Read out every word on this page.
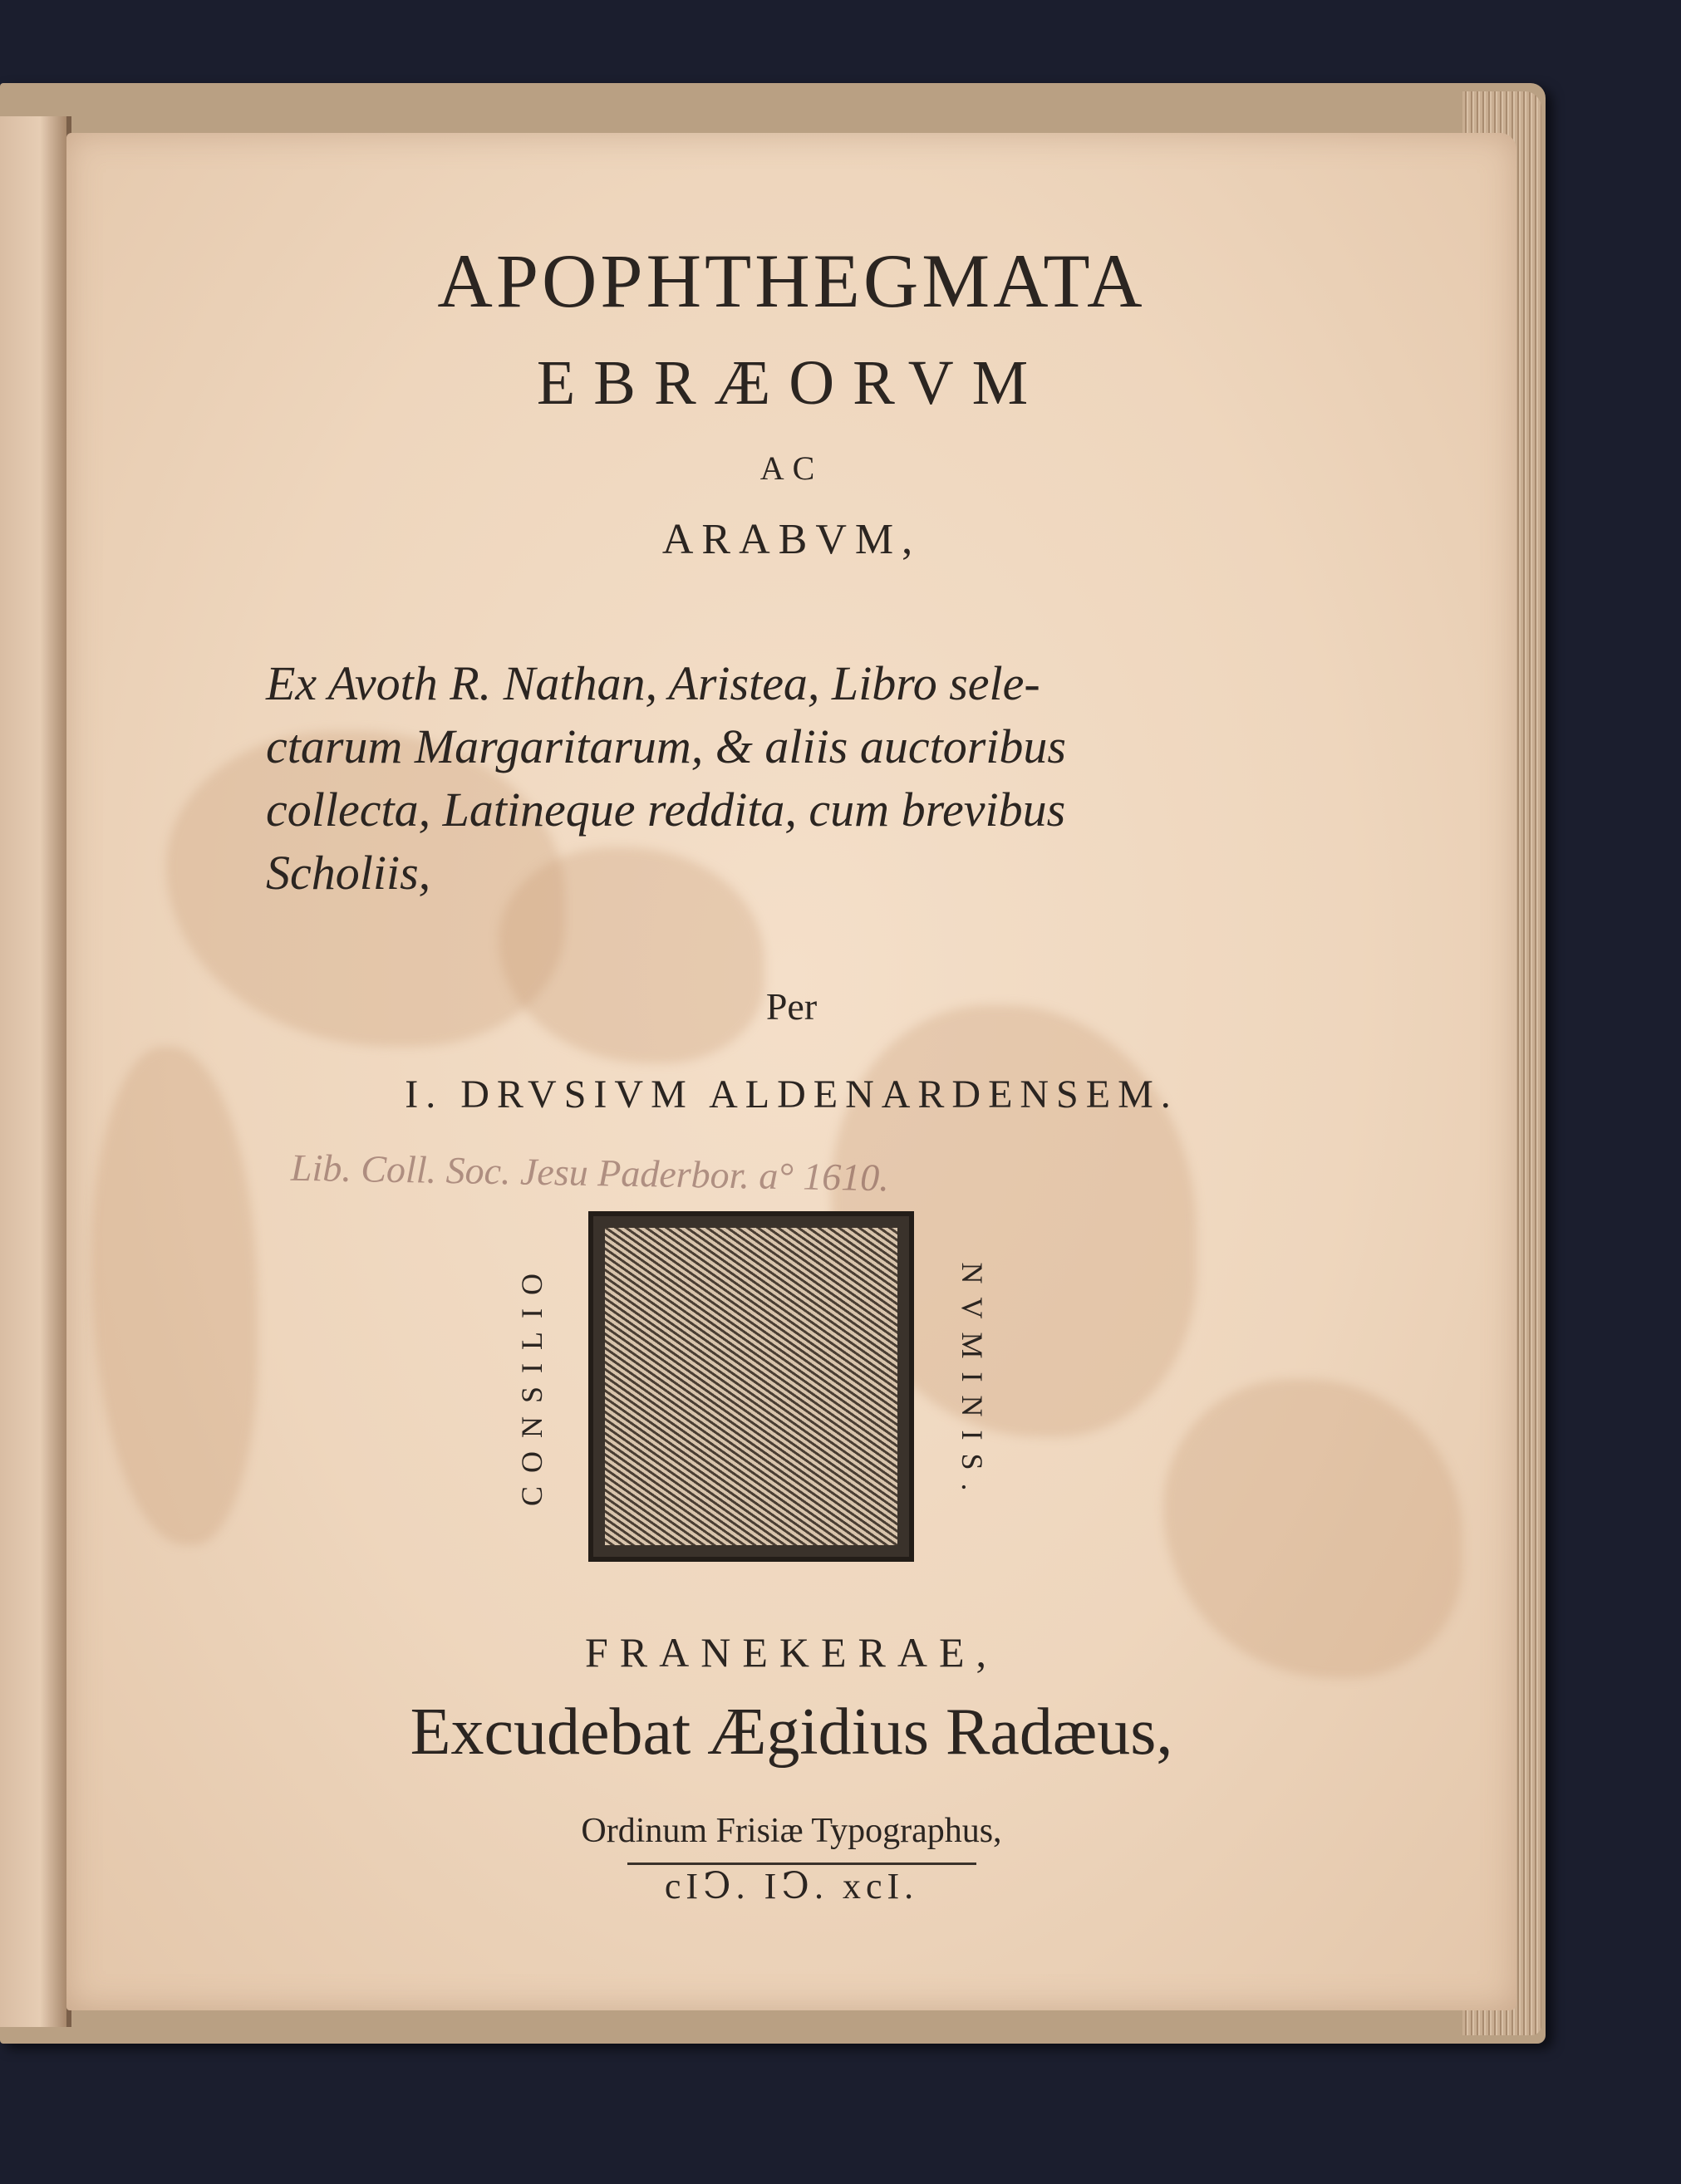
APOPHTHEGMATA
EBRÆORVM
AC
ARABVM,
Ex Avoth R. Nathan, Aristea, Libro sele-
ctarum Margaritarum, & aliis auctoribus
collecta, Latineque reddita, cum brevibus
Scholiis,
Per
I. DRVSIVM ALDENARDENSEM.
Lib. Coll. Soc. Jesu Paderbor. a° 1610.
CONSILIO	NVMINIS.
FRANEKERAE,
Excudebat Ægidius Radæus,
Ordinum Frisiæ Typographus,
cIↃ. IↃ. xcI.
